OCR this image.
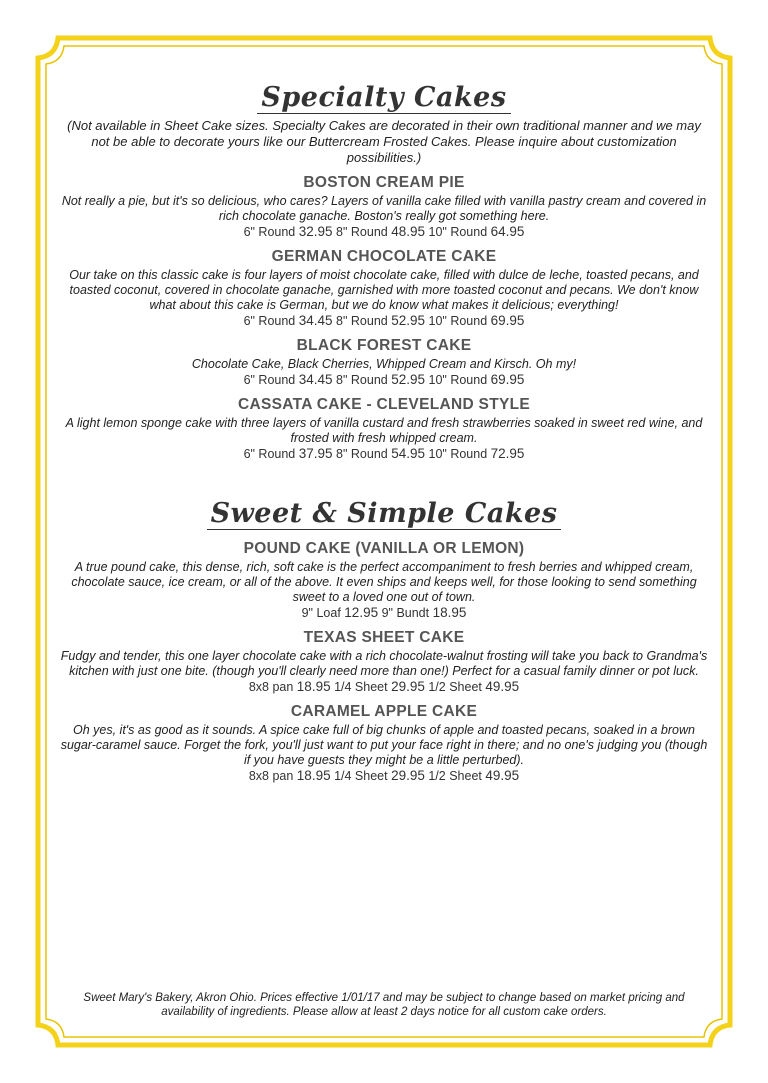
Specialty Cakes

(Not available in Sheet Cake sizes. Specialty Cakes are decorated in their own traditional manner and we may not be able to decorate yours like our Buttercream Frosted Cakes. Please inquire about customization possibilities.)

BOSTON CREAM PIE

Not really a pie, but it's so delicious, who cares? Layers of vanilla cake filled with vanilla pastry cream and covered in rich chocolate ganache. Boston's really got something here.

6" Round 32.95 8" Round 48.95 10" Round 64.95

GERMAN CHOCOLATE CAKE

Our take on this classic cake is four layers of moist chocolate cake, filled with dulce de leche, toasted pecans, and toasted coconut, covered in chocolate ganache, garnished with more toasted coconut and pecans. We don't know what about this cake is German, but we do know what makes it delicious; everything!

6" Round 34.45 8" Round 52.95 10" Round 69.95

BLACK FOREST CAKE

Chocolate Cake, Black Cherries, Whipped Cream and Kirsch. Oh my!

6" Round 34.45 8" Round 52.95 10" Round 69.95

CASSATA CAKE - CLEVELAND STYLE

A light lemon sponge cake with three layers of vanilla custard and fresh strawberries soaked in sweet red wine, and frosted with fresh whipped cream.

6" Round 37.95 8" Round 54.95 10" Round 72.95

Sweet & Simple Cakes
POUND CAKE (VANILLA OR LEMON)

A true pound cake, this dense, rich, soft cake is the perfect accompaniment to fresh berries and whipped cream, chocolate sauce, ice cream, or all of the above. It even ships and keeps well, for those looking to send something sweet to a loved one out of town.

9" Loaf 12.95 9" Bundt 18.95

TEXAS SHEET CAKE

Fudgy and tender, this one layer chocolate cake with a rich chocolate-walnut frosting will take you back to Grandma's kitchen with just one bite. (though you'll clearly need more than one!) Perfect for a casual family dinner or pot luck.

8x8 pan 18.95 1/4 Sheet 29.95 1/2 Sheet 49.95

CARAMEL APPLE CAKE

Oh yes, it's as good as it sounds. A spice cake full of big chunks of apple and toasted pecans, soaked in a brown sugar-caramel sauce. Forget the fork, you'll just want to put your face right in there; and no one's judging you (though if you have guests they might be a little perturbed).

8x8 pan 18.95 1/4 Sheet 29.95 1/2 Sheet 49.95

Sweet Mary's Bakery, Akron Ohio. Prices effective 1/01/17 and may be subject to change based on market pricing and availability of ingredients. Please allow at least 2 days notice for all custom cake orders.
